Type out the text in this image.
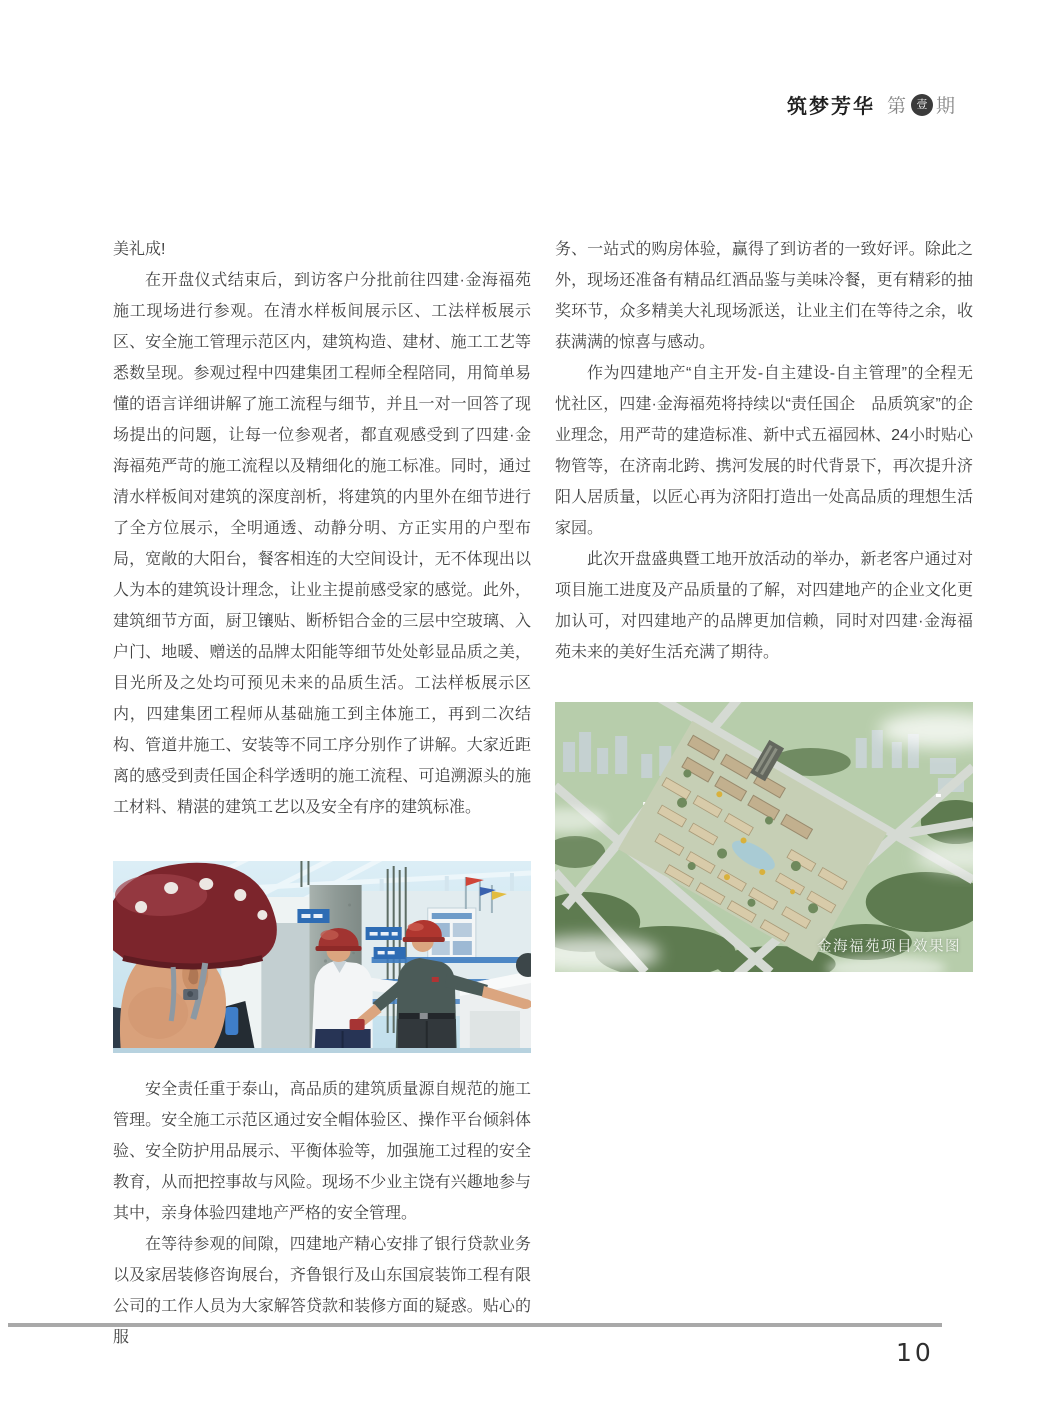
筑梦芳华 第 壹 期

美礼成!

在开盘仪式结束后，到访客户分批前往四建·金海福苑施工现场进行参观。在清水样板间展示区、工法样板展示区、安全施工管理示范区内，建筑构造、建材、施工工艺等悉数呈现。参观过程中四建集团工程师全程陪同，用简单易懂的语言详细讲解了施工流程与细节，并且一对一回答了现场提出的问题，让每一位参观者，都直观感受到了四建·金海福苑严苛的施工流程以及精细化的施工标准。同时，通过清水样板间对建筑的深度剖析，将建筑的内里外在细节进行了全方位展示，全明通透、动静分明、方正实用的户型布局，宽敞的大阳台，餐客相连的大空间设计，无不体现出以人为本的建筑设计理念，让业主提前感受家的感觉。此外，建筑细节方面，厨卫镶贴、断桥铝合金的三层中空玻璃、入户门、地暖、赠送的品牌太阳能等细节处处彰显品质之美，目光所及之处均可预见未来的品质生活。工法样板展示区内，四建集团工程师从基础施工到主体施工，再到二次结构、管道井施工、安装等不同工序分别作了讲解。大家近距离的感受到责任国企科学透明的施工流程、可追溯源头的施工材料、精湛的建筑工艺以及安全有序的建筑标准。

安全责任重于泰山，高品质的建筑质量源自规范的施工管理。安全施工示范区通过安全帽体验区、操作平台倾斜体验、安全防护用品展示、平衡体验等，加强施工过程的安全教育，从而把控事故与风险。现场不少业主饶有兴趣地参与其中，亲身体验四建地产严格的安全管理。

在等待参观的间隙，四建地产精心安排了银行贷款业务以及家居装修咨询展台，齐鲁银行及山东国宸装饰工程有限公司的工作人员为大家解答贷款和装修方面的疑惑。贴心的服

务、一站式的购房体验，赢得了到访者的一致好评。除此之外，现场还准备有精品红酒品鉴与美味冷餐，更有精彩的抽奖环节，众多精美大礼现场派送，让业主们在等待之余，收获满满的惊喜与感动。

作为四建地产“自主开发-自主建设-自主管理”的全程无忧社区，四建·金海福苑将持续以“责任国企　品质筑家”的企业理念，用严苛的建造标准、新中式五福园林、24小时贴心物管等，在济南北跨、携河发展的时代背景下，再次提升济阳人居质量，以匠心再为济阳打造出一处高品质的理想生活家园。

此次开盘盛典暨工地开放活动的举办，新老客户通过对项目施工进度及产品质量的了解，对四建地产的企业文化更加认可，对四建地产的品牌更加信赖，同时对四建·金海福苑未来的美好生活充满了期待。

金海福苑项目效果图
10
